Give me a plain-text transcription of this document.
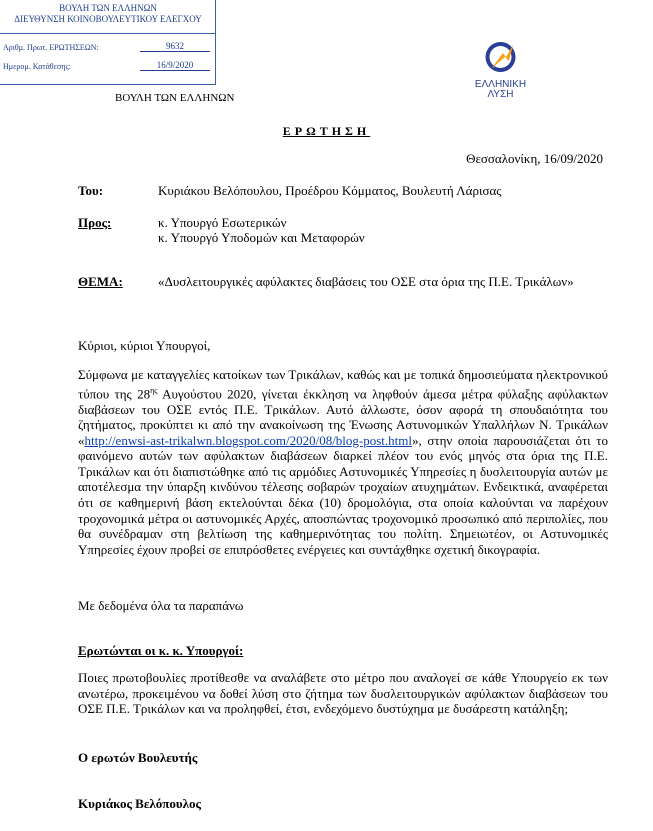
ΒΟΥΛΗ ΤΩΝ ΕΛΛΗΝΩΝ
ΔΙΕΥΘΥΝΣΗ ΚΟΙΝΟΒΟΥΛΕΥΤΙΚΟΥ ΕΛΕΓΧΟΥ
Αριθμ. Πρωτ. ΕΡΩΤΗΣΕΩΝ:	9632
Ημερομ. Κατάθεσης:	16/9/2020
ΒΟΥΛΗ ΤΩΝ ΕΛΛΗΝΩΝ
ΕΛΛΗΝΙΚΗ
ΛΥΣΗ
ΕΡΩΤΗΣΗ
Θεσσαλονίκη, 16/09/2020
Του:	Κυριάκου Βελόπουλου, Προέδρου Κόμματος, Βουλευτή Λάρισας
Προς:	κ. Υπουργό Εσωτερικών
κ. Υπουργό Υποδομών και Μεταφορών
ΘΕΜΑ:	«Δυσλειτουργικές αφύλακτες διαβάσεις του ΟΣΕ στα όρια της Π.Ε. Τρικάλων»
Κύριοι, κύριοι Υπουργοί,
Σύμφωνα με καταγγελίες κατοίκων των Τρικάλων, καθώς και με τοπικά δημοσιεύματα ηλεκτρονικού τύπου της $28^{\eta\varsigma}$ Αυγούστου 2020, γίνεται έκκληση να ληφθούν άμεσα μέτρα φύλαξης αφύλακτων διαβάσεων του ΟΣΕ εντός Π.Ε. Τρικάλων. Αυτό άλλωστε, όσον αφορά τη σπουδαιότητα του ζητήματος, προκύπτει κι από την ανακοίνωση της Ένωσης Αστυνομικών Υπαλλήλων Ν. Τρικάλων «http://enwsi-ast-trikalwn.blogspot.com/2020/08/blog-post.html», στην οποία παρουσιάζεται ότι το φαινόμενο αυτών των αφύλακτων διαβάσεων διαρκεί πλέον του ενός μηνός στα όρια της Π.Ε. Τρικάλων και ότι διαπιστώθηκε από τις αρμόδιες Αστυνομικές Υπηρεσίες η δυσλειτουργία αυτών με αποτέλεσμα την ύπαρξη κινδύνου τέλεσης σοβαρών τροχαίων ατυχημάτων. Ενδεικτικά, αναφέρεται ότι σε καθημερινή βάση εκτελούνται δέκα (10) δρομολόγια, στα οποία καλούνται να παρέχουν τροχονομικά μέτρα οι αστυνομικές Αρχές, αποσπώντας τροχονομικό προσωπικό από περιπολίες, που θα συνέδραμαν στη βελτίωση της καθημερινότητας του πολίτη. Σημειωτέον, οι Αστυνομικές Υπηρεσίες έχουν προβεί σε επιπρόσθετες ενέργειες και συντάχθηκε σχετική δικογραφία.
Με δεδομένα όλα τα παραπάνω
Ερωτώνται οι κ. κ. Υπουργοί:
Ποιες πρωτοβουλίες προτίθεσθε να αναλάβετε στο μέτρο που αναλογεί σε κάθε Υπουργείο εκ των ανωτέρω, προκειμένου να δοθεί λύση στο ζήτημα των δυσλειτουργικών αφύλακτων διαβάσεων του ΟΣΕ Π.Ε. Τρικάλων και να προληφθεί, έτσι, ενδεχόμενο δυστύχημα με δυσάρεστη κατάληξη;
Ο ερωτών Βουλευτής
Κυριάκος Βελόπουλος
